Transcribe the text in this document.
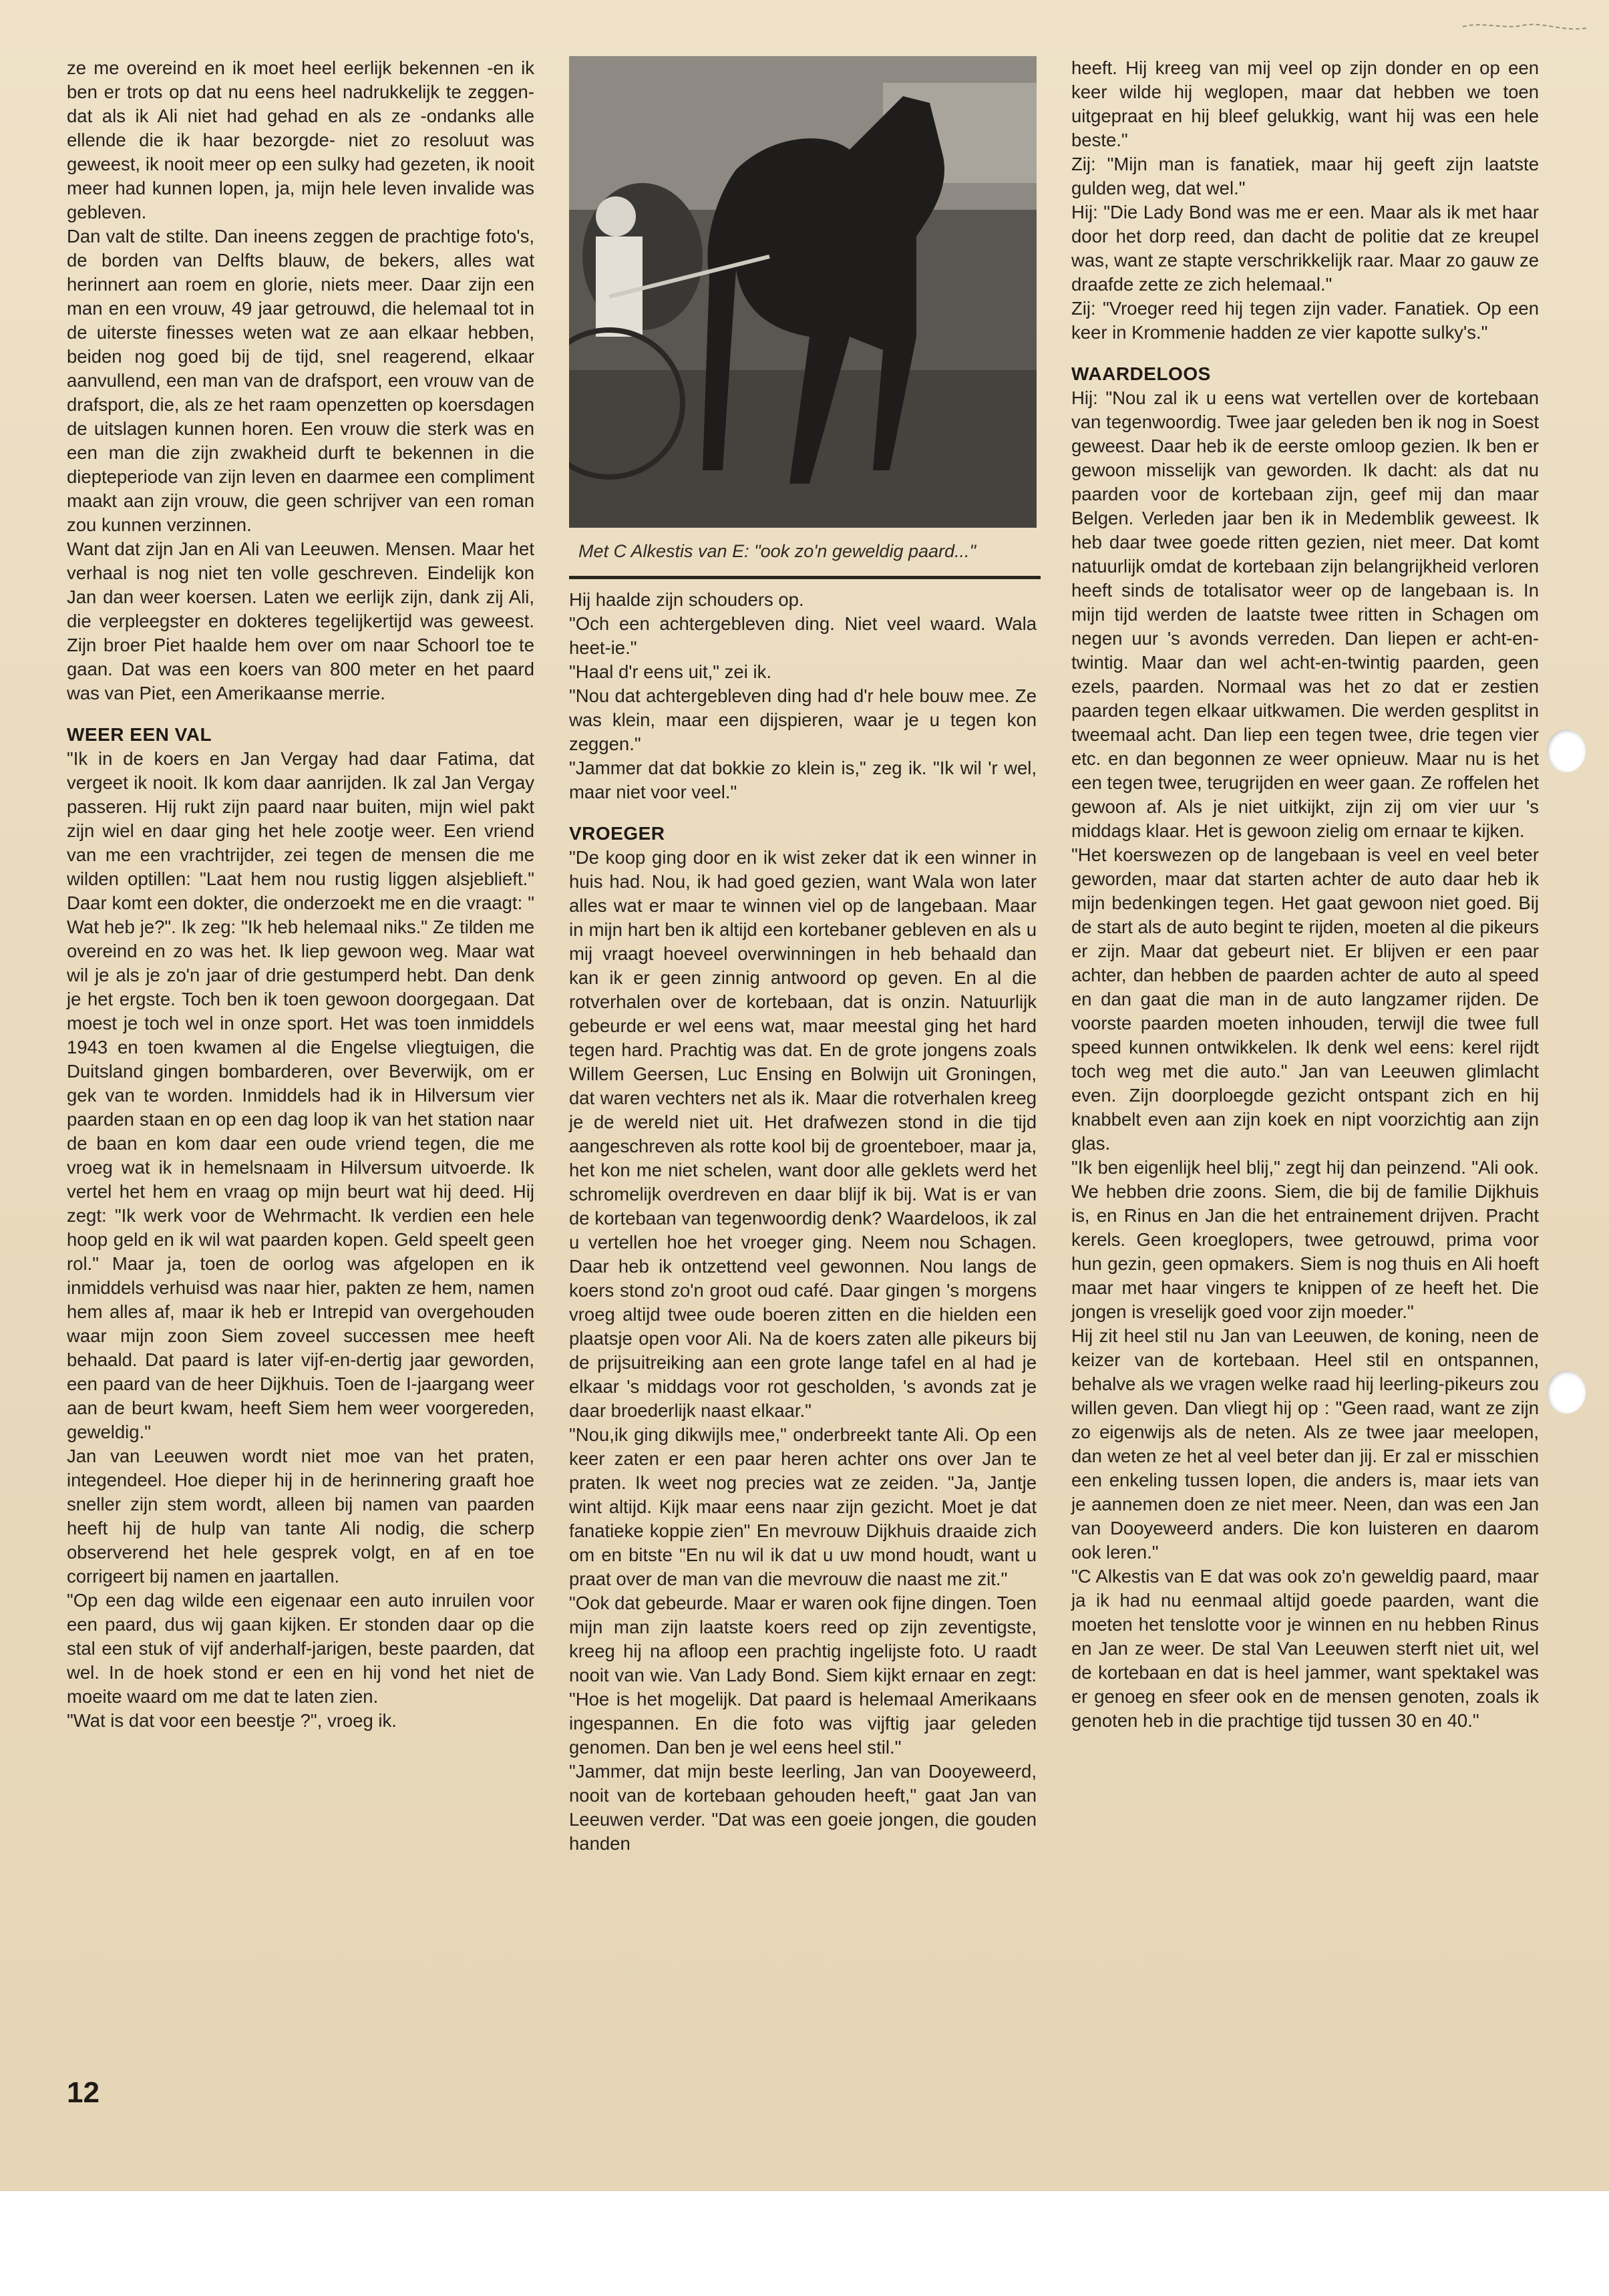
ze me overeind en ik moet heel eerlijk bekennen -en ik ben er trots op dat nu eens heel nadrukkelijk te zeggen- dat als ik Ali niet had gehad en als ze -ondanks alle ellende die ik haar bezorgde- niet zo resoluut was geweest, ik nooit meer op een sulky had gezeten, ik nooit meer had kunnen lopen, ja, mijn hele leven invalide was gebleven.

Dan valt de stilte. Dan ineens zeggen de prachtige foto's, de borden van Delfts blauw, de bekers, alles wat herinnert aan roem en glorie, niets meer. Daar zijn een man en een vrouw, 49 jaar getrouwd, die helemaal tot in de uiterste finesses weten wat ze aan elkaar hebben, beiden nog goed bij de tijd, snel reagerend, elkaar aanvullend, een man van de drafsport, een vrouw van de drafsport, die, als ze het raam openzetten op koersdagen de uitslagen kunnen horen. Een vrouw die sterk was en een man die zijn zwakheid durft te bekennen in die diepteperiode van zijn leven en daarmee een compliment maakt aan zijn vrouw, die geen schrijver van een roman zou kunnen verzinnen.

Want dat zijn Jan en Ali van Leeuwen. Mensen. Maar het verhaal is nog niet ten volle geschreven. Eindelijk kon Jan dan weer koersen. Laten we eerlijk zijn, dank zij Ali, die verpleegster en dokteres tegelijkertijd was geweest. Zijn broer Piet haalde hem over om naar Schoorl toe te gaan. Dat was een koers van 800 meter en het paard was van Piet, een Amerikaanse merrie.

WEER EEN VAL

"Ik in de koers en Jan Vergay had daar Fatima, dat vergeet ik nooit. Ik kom daar aanrijden. Ik zal Jan Vergay passeren. Hij rukt zijn paard naar buiten, mijn wiel pakt zijn wiel en daar ging het hele zootje weer. Een vriend van me een vrachtrijder, zei tegen de mensen die me wilden optillen: "Laat hem nou rustig liggen alsjeblieft." Daar komt een dokter, die onderzoekt me en die vraagt: " Wat heb je?". Ik zeg: "Ik heb helemaal niks." Ze tilden me overeind en zo was het. Ik liep gewoon weg. Maar wat wil je als je zo'n jaar of drie gestumperd hebt. Dan denk je het ergste. Toch ben ik toen gewoon doorgegaan. Dat moest je toch wel in onze sport. Het was toen inmiddels 1943 en toen kwamen al die Engelse vliegtuigen, die Duitsland gingen bombarderen, over Beverwijk, om er gek van te worden. Inmiddels had ik in Hilversum vier paarden staan en op een dag loop ik van het station naar de baan en kom daar een oude vriend tegen, die me vroeg wat ik in hemelsnaam in Hilversum uitvoerde. Ik vertel het hem en vraag op mijn beurt wat hij deed. Hij zegt: "Ik werk voor de Wehrmacht. Ik verdien een hele hoop geld en ik wil wat paarden kopen. Geld speelt geen rol." Maar ja, toen de oorlog was afgelopen en ik inmiddels verhuisd was naar hier, pakten ze hem, namen hem alles af, maar ik heb er Intrepid van overgehouden waar mijn zoon Siem zoveel successen mee heeft behaald. Dat paard is later vijf-en-dertig jaar geworden, een paard van de heer Dijkhuis. Toen de I-jaargang weer aan de beurt kwam, heeft Siem hem weer voorgereden, geweldig."

Jan van Leeuwen wordt niet moe van het praten, integendeel. Hoe dieper hij in de herinnering graaft hoe sneller zijn stem wordt, alleen bij namen van paarden heeft hij de hulp van tante Ali nodig, die scherp observerend het hele gesprek volgt, en af en toe corrigeert bij namen en jaartallen.

"Op een dag wilde een eigenaar een auto inruilen voor een paard, dus wij gaan kijken. Er stonden daar op die stal een stuk of vijf anderhalf-jarigen, beste paarden, dat wel. In de hoek stond er een en hij vond het niet de moeite waard om me dat te laten zien.

"Wat is dat voor een beestje ?", vroeg ik.

Met C Alkestis van E: "ook zo'n geweldig paard..."

Hij haalde zijn schouders op.

"Och een achtergebleven ding. Niet veel waard. Wala heet-ie."

"Haal d'r eens uit," zei ik.

"Nou dat achtergebleven ding had d'r hele bouw mee. Ze was klein, maar een dijspieren, waar je u tegen kon zeggen."

"Jammer dat dat bokkie zo klein is," zeg ik. "Ik wil 'r wel, maar niet voor veel."

VROEGER

"De koop ging door en ik wist zeker dat ik een winner in huis had. Nou, ik had goed gezien, want Wala won later alles wat er maar te winnen viel op de langebaan. Maar in mijn hart ben ik altijd een kortebaner gebleven en als u mij vraagt hoeveel overwinningen in heb behaald dan kan ik er geen zinnig antwoord op geven. En al die rotverhalen over de kortebaan, dat is onzin. Natuurlijk gebeurde er wel eens wat, maar meestal ging het hard tegen hard. Prachtig was dat. En de grote jongens zoals Willem Geersen, Luc Ensing en Bolwijn uit Groningen, dat waren vechters net als ik. Maar die rotverhalen kreeg je de wereld niet uit. Het drafwezen stond in die tijd aangeschreven als rotte kool bij de groenteboer, maar ja, het kon me niet schelen, want door alle geklets werd het schromelijk overdreven en daar blijf ik bij. Wat is er van de kortebaan van tegenwoordig denk? Waardeloos, ik zal u vertellen hoe het vroeger ging. Neem nou Schagen. Daar heb ik ontzettend veel gewonnen. Nou langs de koers stond zo'n groot oud café. Daar gingen 's morgens vroeg altijd twee oude boeren zitten en die hielden een plaatsje open voor Ali. Na de koers zaten alle pikeurs bij de prijsuitreiking aan een grote lange tafel en al had je elkaar 's middags voor rot gescholden, 's avonds zat je daar broederlijk naast elkaar."

"Nou,ik ging dikwijls mee," onderbreekt tante Ali. Op een keer zaten er een paar heren achter ons over Jan te praten. Ik weet nog precies wat ze zeiden. "Ja, Jantje wint altijd. Kijk maar eens naar zijn gezicht. Moet je dat fanatieke koppie zien" En mevrouw Dijkhuis draaide zich om en bitste "En nu wil ik dat u uw mond houdt, want u praat over de man van die mevrouw die naast me zit."

"Ook dat gebeurde. Maar er waren ook fijne dingen. Toen mijn man zijn laatste koers reed op zijn zeventigste, kreeg hij na afloop een prachtig ingelijste foto. U raadt nooit van wie. Van Lady Bond. Siem kijkt ernaar en zegt: "Hoe is het mogelijk. Dat paard is helemaal Amerikaans ingespannen. En die foto was vijftig jaar geleden genomen. Dan ben je wel eens heel stil."

"Jammer, dat mijn beste leerling, Jan van Dooyeweerd, nooit van de kortebaan gehouden heeft," gaat Jan van Leeuwen verder. "Dat was een goeie jongen, die gouden handen

heeft. Hij kreeg van mij veel op zijn donder en op een keer wilde hij weglopen, maar dat hebben we toen uitgepraat en hij bleef gelukkig, want hij was een hele beste."

Zij: "Mijn man is fanatiek, maar hij geeft zijn laatste gulden weg, dat wel."

Hij: "Die Lady Bond was me er een. Maar als ik met haar door het dorp reed, dan dacht de politie dat ze kreupel was, want ze stapte verschrikkelijk raar. Maar zo gauw ze draafde zette ze zich helemaal."

Zij: "Vroeger reed hij tegen zijn vader. Fanatiek. Op een keer in Krommenie hadden ze vier kapotte sulky's."

WAARDELOOS

Hij: "Nou zal ik u eens wat vertellen over de kortebaan van tegenwoordig. Twee jaar geleden ben ik nog in Soest geweest. Daar heb ik de eerste omloop gezien. Ik ben er gewoon misselijk van geworden. Ik dacht: als dat nu paarden voor de kortebaan zijn, geef mij dan maar Belgen. Verleden jaar ben ik in Medemblik geweest. Ik heb daar twee goede ritten gezien, niet meer. Dat komt natuurlijk omdat de kortebaan zijn belangrijkheid verloren heeft sinds de totalisator weer op de langebaan is. In mijn tijd werden de laatste twee ritten in Schagen om negen uur 's avonds verreden. Dan liepen er acht-en-twintig. Maar dan wel acht-en-twintig paarden, geen ezels, paarden. Normaal was het zo dat er zestien paarden tegen elkaar uitkwamen. Die werden gesplitst in tweemaal acht. Dan liep een tegen twee, drie tegen vier etc. en dan begonnen ze weer opnieuw. Maar nu is het een tegen twee, terugrijden en weer gaan. Ze roffelen het gewoon af. Als je niet uitkijkt, zijn zij om vier uur 's middags klaar. Het is gewoon zielig om ernaar te kijken.

"Het koerswezen op de langebaan is veel en veel beter geworden, maar dat starten achter de auto daar heb ik mijn bedenkingen tegen. Het gaat gewoon niet goed. Bij de start als de auto begint te rijden, moeten al die pikeurs er zijn. Maar dat gebeurt niet. Er blijven er een paar achter, dan hebben de paarden achter de auto al speed en dan gaat die man in de auto langzamer rijden. De voorste paarden moeten inhouden, terwijl die twee full speed kunnen ontwikkelen. Ik denk wel eens: kerel rijdt toch weg met die auto." Jan van Leeuwen glimlacht even. Zijn doorploegde gezicht ontspant zich en hij knabbelt even aan zijn koek en nipt voorzichtig aan zijn glas.

"Ik ben eigenlijk heel blij," zegt hij dan peinzend. "Ali ook. We hebben drie zoons. Siem, die bij de familie Dijkhuis is, en Rinus en Jan die het entrainement drijven. Pracht kerels. Geen kroeglopers, twee getrouwd, prima voor hun gezin, geen opmakers. Siem is nog thuis en Ali hoeft maar met haar vingers te knippen of ze heeft het. Die jongen is vreselijk goed voor zijn moeder."

Hij zit heel stil nu Jan van Leeuwen, de koning, neen de keizer van de kortebaan. Heel stil en ontspannen, behalve als we vragen welke raad hij leerling-pikeurs zou willen geven. Dan vliegt hij op : "Geen raad, want ze zijn zo eigenwijs als de neten. Als ze twee jaar meelopen, dan weten ze het al veel beter dan jij. Er zal er misschien een enkeling tussen lopen, die anders is, maar iets van je aannemen doen ze niet meer. Neen, dan was een Jan van Dooyeweerd anders. Die kon luisteren en daarom ook leren."

"C Alkestis van E dat was ook zo'n geweldig paard, maar ja ik had nu eenmaal altijd goede paarden, want die moeten het tenslotte voor je winnen en nu hebben Rinus en Jan ze weer. De stal Van Leeuwen sterft niet uit, wel de kortebaan en dat is heel jammer, want spektakel was er genoeg en sfeer ook en de mensen genoten, zoals ik genoten heb in die prachtige tijd tussen 30 en 40."

12
